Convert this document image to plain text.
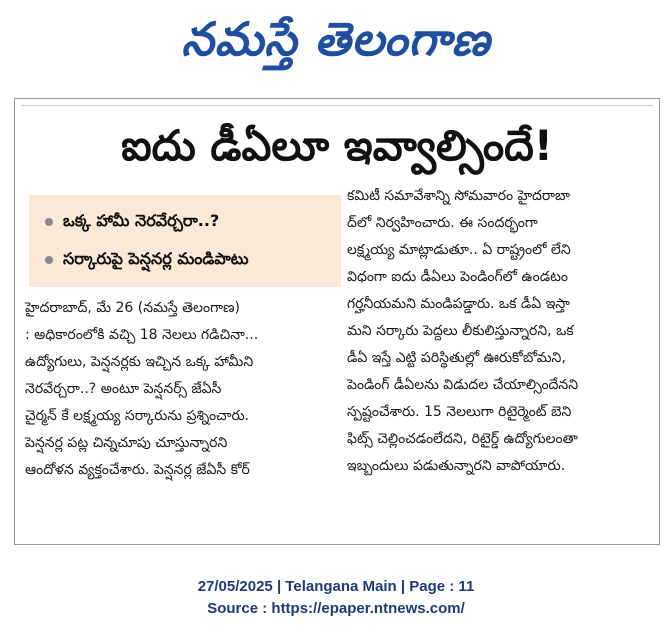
నమస్తే తెలంగాణ
ఐదు డీఏలూ ఇవ్వాల్సిందే!
ఒక్క హామీ నెరవేర్చరా..?
సర్కారుపై పెన్షనర్ల మండిపాటు
హైదరాబాద్, మే 26 (నమస్తే తెలంగాణ)
: అధికారంలోకి వచ్చి 18 నెలలు గడిచినా...
ఉద్యోగులు, పెన్షనర్లకు ఇచ్చిన ఒక్క హామీని
నెరవేర్చరా..? అంటూ పెన్షనర్స్ జేఏసీ
చైర్మన్ కే లక్ష్మయ్య సర్కారును ప్రశ్నించారు.
పెన్షనర్ల పట్ల చిన్నచూపు చూస్తున్నారని
ఆందోళన వ్యక్తంచేశారు. పెన్షనర్ల జేఏసీ కోర్
కమిటీ సమావేశాన్ని సోమవారం హైదరాబా
ద్‌లో నిర్వహించారు. ఈ సందర్భంగా
లక్ష్మయ్య మాట్లాడుతూ.. ఏ రాష్ట్రంలో లేని
విధంగా ఐదు డీఏలు పెండింగ్‌లో ఉండటం
గర్హనీయమని మండిపడ్డారు. ఒక డీఏ ఇస్తా
మని సర్కారు పెద్దలు లీకులిస్తున్నారని, ఒక
డీఏ ఇస్తే ఎట్టి పరిస్థితుల్లో ఊరుకోబోమని,
పెండింగ్ డీఏలను విడుదల చేయాల్సిందేనని
స్పష్టంచేశారు. 15 నెలలుగా రిటైర్మెంట్ బెని
ఫిట్స్ చెల్లించడంలేదని, రిటైర్డ్ ఉద్యోగులంతా
ఇబ్బందులు పడుతున్నారని వాపోయారు.
27/05/2025 | Telangana Main | Page : 11
Source : https://epaper.ntnews.com/
